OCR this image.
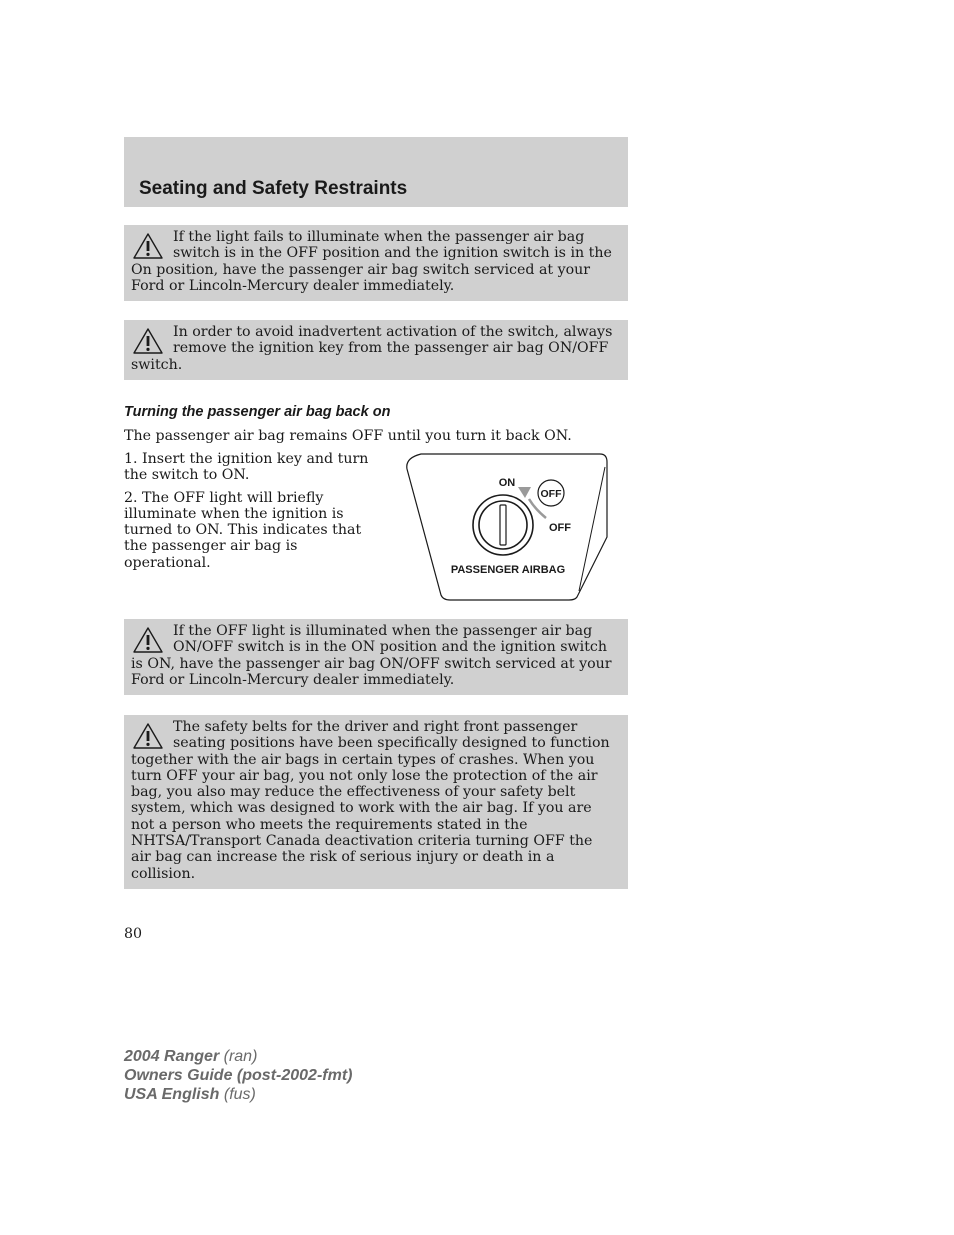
Seating and Safety Restraints

If the light fails to illuminate when the passenger air bag switch is in the OFF position and the ignition switch is in the On position, have the passenger air bag switch serviced at your Ford or Lincoln-Mercury dealer immediately.

In order to avoid inadvertent activation of the switch, always remove the ignition key from the passenger air bag ON/OFF switch.

Turning the passenger air bag back on

The passenger air bag remains OFF until you turn it back ON.

1. Insert the ignition key and turn the switch to ON.

2. The OFF light will briefly illuminate when the ignition is turned to ON. This indicates that the passenger air bag is operational.

ON
OFF
OFF
PASSENGER AIRBAG

If the OFF light is illuminated when the passenger air bag ON/OFF switch is in the ON position and the ignition switch is ON, have the passenger air bag ON/OFF switch serviced at your Ford or Lincoln-Mercury dealer immediately.

The safety belts for the driver and right front passenger seating positions have been specifically designed to function together with the air bags in certain types of crashes. When you turn OFF your air bag, you not only lose the protection of the air bag, you also may reduce the effectiveness of your safety belt system, which was designed to work with the air bag. If you are not a person who meets the requirements stated in the NHTSA/Transport Canada deactivation criteria turning OFF the air bag can increase the risk of serious injury or death in a collision.

80

2004 Ranger (ran)
Owners Guide (post-2002-fmt)
USA English (fus)
